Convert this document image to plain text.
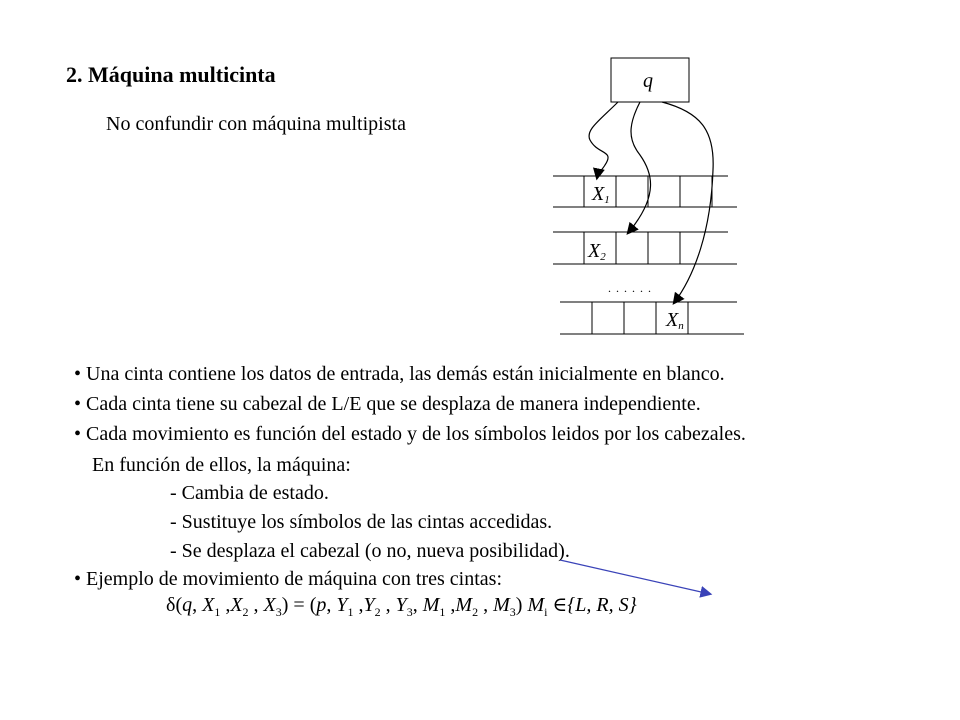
2. Máquina multicinta
No confundir con máquina multipista
q
X1
X2
. . . . . .
Xn
• Una cinta contiene los datos de entrada, las demás están inicialmente en blanco.
• Cada cinta tiene su cabezal de L/E que se desplaza de manera independiente.
• Cada movimiento es función del estado y de los símbolos leidos por los cabezales.
En función de ellos, la máquina:
- Cambia de estado.
- Sustituye los símbolos de las cintas accedidas.
- Se desplaza el cabezal (o no, nueva posibilidad).
• Ejemplo de movimiento de máquina con tres cintas:
δ(q, $X_1$ $,X_2$ , $X_3) = (p$, $Y_1$ $,Y_2$ , $Y_3$, $M_1$ $,M_2$ , $M_3$) $M_i$ ∈{L, R, S}
